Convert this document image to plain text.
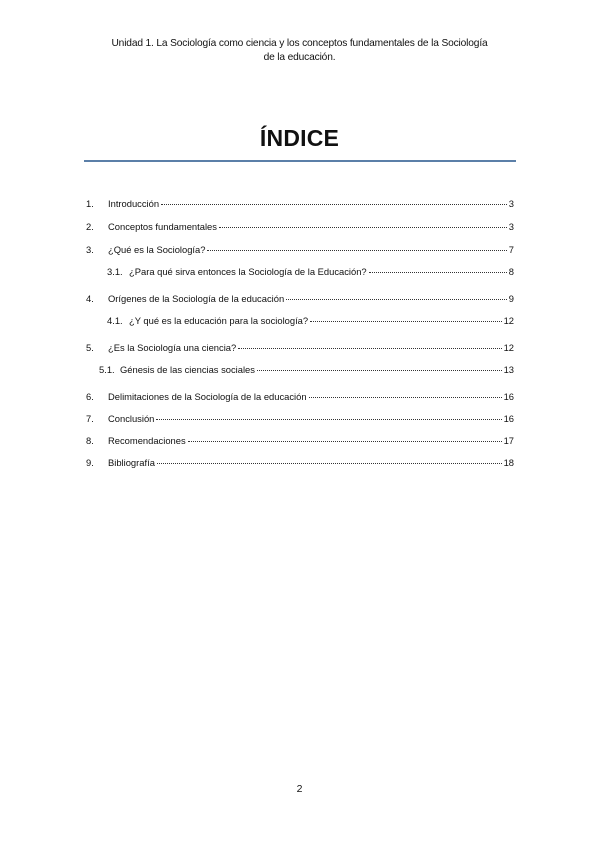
Unidad 1. La Sociología como ciencia y los conceptos fundamentales de la Sociología
de la educación.
ÍNDICE
1.	Introducción	3
2.	Conceptos fundamentales	3
3.	¿Qué es la Sociología?	7
3.1. ¿Para qué sirva entonces la Sociología de la Educación?	8
4.	Orígenes de la Sociología de la educación	9
4.1. ¿Y qué es la educación para la sociología?	12
5.	¿Es la Sociología una ciencia?	12
5.1. Génesis de las ciencias sociales	13
6.	Delimitaciones de la Sociología de la educación	16
7.	Conclusión	16
8.	Recomendaciones	17
9.	Bibliografía	18
2
